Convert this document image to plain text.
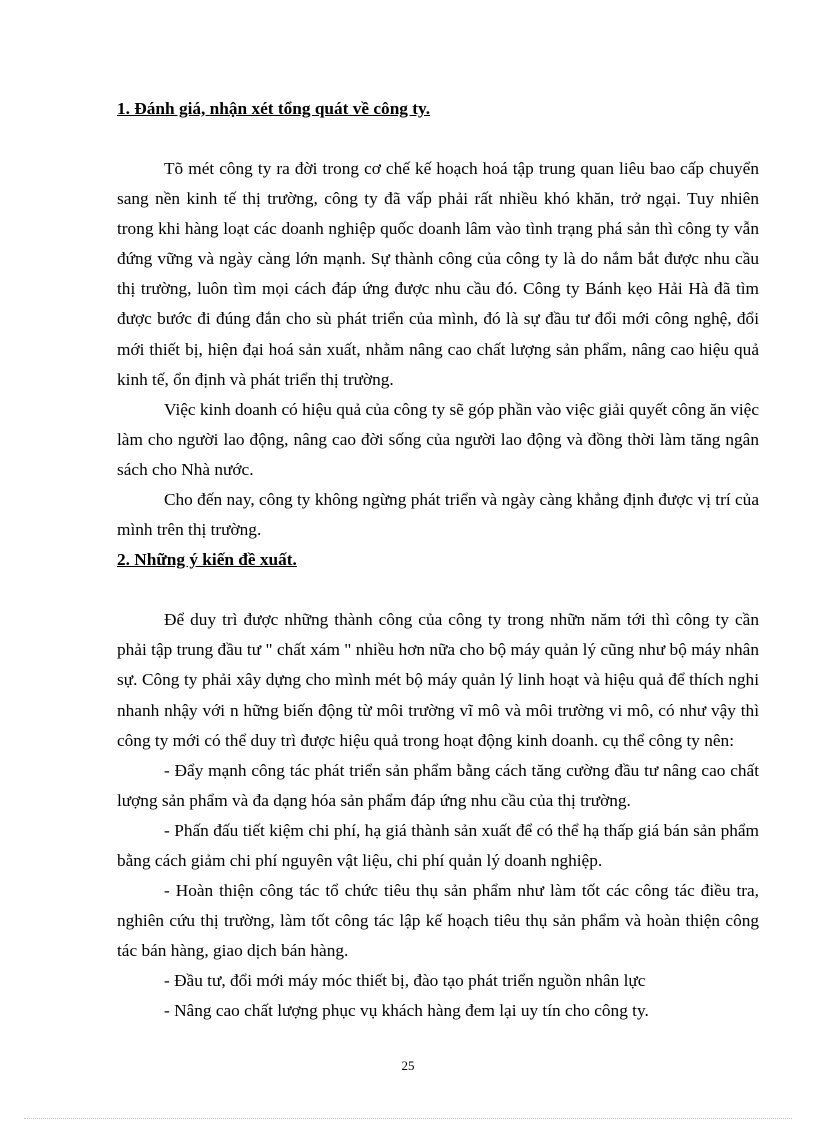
1. Đánh giá, nhận xét tổng quát về công ty.

Tõ mét công ty ra đời trong cơ chế kế hoạch hoá tập trung quan liêu bao cấp chuyển sang nền kinh tế thị trường, công ty đã vấp phải rất nhiều khó khăn, trở ngại. Tuy nhiên trong khi hàng loạt các doanh nghiệp quốc doanh lâm vào tình trạng phá sản thì công ty vẫn đứng vững và ngày càng lớn mạnh. Sự thành công của công ty là do nắm bắt được nhu cầu thị trường, luôn tìm mọi cách đáp ứng được nhu cầu đó. Công ty Bánh kẹo Hải Hà đã tìm được bước đi đúng đắn cho sù phát triển của mình, đó là sự đầu tư đổi mới công nghệ, đổi mới thiết bị, hiện đại hoá sản xuất, nhằm nâng cao chất lượng sản phẩm, nâng cao hiệu quả kinh tế, ổn định và phát triển thị trường.

Việc kinh doanh có hiệu quả của công ty sẽ góp phần vào việc giải quyết công ăn việc làm cho người lao động, nâng cao đời sống của người lao động và đồng thời làm tăng ngân sách cho Nhà nước.

Cho đến nay, công ty không ngừng phát triển và ngày càng khẳng định được vị trí của mình trên thị trường.

2. Những ý kiến đề xuất.

Để duy trì được những thành công của công ty trong nhữn năm tới thì công ty cần phải tập trung đầu tư " chất xám " nhiều hơn nữa cho bộ máy quản lý cũng như bộ máy nhân sự. Công ty phải xây dựng cho mình mét bộ máy quản lý linh hoạt và hiệu quả để thích nghi nhanh nhậy với n hững biến động từ môi trường vĩ mô và môi trường vi mô, có như vậy thì công ty mới có thể duy trì được hiệu quả trong hoạt động kinh doanh. cụ thể công ty nên:

- Đẩy mạnh công tác phát triển sản phẩm bằng cách tăng cường đầu tư nâng cao chất lượng sản phẩm và đa dạng hóa sản phẩm đáp ứng nhu cầu của thị trường.

- Phấn đấu tiết kiệm chi phí, hạ giá thành sản xuất để có thể hạ thấp giá bán sản phẩm bằng cách giảm chi phí nguyên vật liệu, chi phí quản lý doanh nghiệp.

- Hoàn thiện công tác tổ chức tiêu thụ sản phẩm như làm tốt các công tác điều tra, nghiên cứu thị trường, làm tốt công tác lập kế hoạch tiêu thụ sản phẩm và hoàn thiện công tác bán hàng, giao dịch bán hàng.

- Đầu tư, đổi mới máy móc thiết bị, đào tạo phát triển nguồn nhân lực

- Nâng cao chất lượng phục vụ khách hàng đem lại uy tín cho công ty.

25
